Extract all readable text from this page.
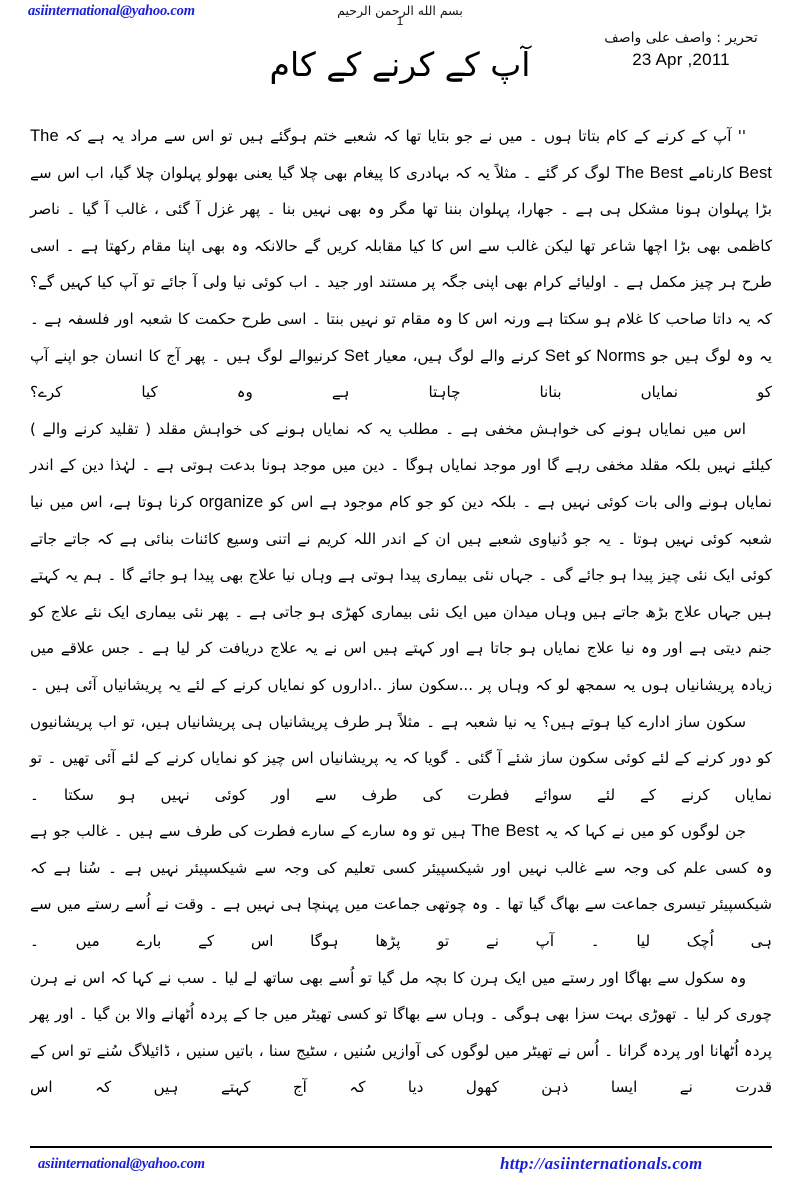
asiinternational@yahoo.com	بسم الله الرحمن الرحيم
1
تحریر : واصف علی واصف
23 Apr ,2011
آپ کے کرنے کے کام
'' آپ کے کرنے کے کام بتاتا ہوں ۔ میں نے جو بتایا تھا کہ شعبے ختم ہوگئے ہیں تو اس سے مراد یہ ہے کہ The Best کارنامے The Best لوگ کر گئے ۔ مثلاً یہ کہ بہادری کا پیغام بھی چلا گیا یعنی بھولو پہلوان چلا گیا، اب اس سے بڑا پہلوان ہونا مشکل ہی ہے ۔ جھارا، پہلوان بننا تھا مگر وہ بھی نہیں بنا ۔ پھر غزل آ گئی ، غالب آ گیا ۔ ناصر کاظمی بھی بڑا اچھا شاعر تھا لیکن غالب سے اس کا کیا مقابلہ کریں گے حالانکہ وہ بھی اپنا مقام رکھتا ہے ۔ اسی طرح ہر چیز مکمل ہے ۔ اولیائے کرام بھی اپنی جگہ پر مستند اور جید ۔ اب کوئی نیا ولی آ جائے تو آپ کیا کہیں گے؟ کہ یہ داتا صاحب کا غلام ہو سکتا ہے ورنہ اس کا وہ مقام تو نہیں بنتا ۔ اسی طرح حکمت کا شعبہ اور فلسفہ ہے ۔ یہ وہ لوگ ہیں جو Norms کو Set کرنے والے لوگ ہیں، معیار Set کرنیوالے لوگ ہیں ۔ پھر آج کا انسان جو اپنے آپ کو نمایاں بنانا چاہتا ہے وہ کیا کرے؟
اس میں نمایاں ہونے کی خواہش مخفی ہے ۔ مطلب یہ کہ نمایاں ہونے کی خواہش مقلد ( تقلید کرنے والے ) کیلئے نہیں بلکہ مقلد مخفی رہے گا اور موجد نمایاں ہوگا ۔ دین میں موجد ہونا بدعت ہوتی ہے ۔ لہٰذا دین کے اندر نمایاں ہونے والی بات کوئی نہیں ہے ۔ بلکہ دین کو جو کام موجود ہے اس کو organize کرنا ہوتا ہے، اس میں نیا شعبہ کوئی نہیں ہوتا ۔ یہ جو دُنیاوی شعبے ہیں ان کے اندر اللہ کریم نے اتنی وسیع کائنات بنائی ہے کہ جاتے جاتے کوئی ایک نئی چیز پیدا ہو جائے گی ۔ جہاں نئی بیماری پیدا ہوتی ہے وہاں نیا علاج بھی پیدا ہو جائے گا ۔ ہم یہ کہتے ہیں جہاں علاج بڑھ جاتے ہیں وہاں میدان میں ایک نئی بیماری کھڑی ہو جاتی ہے ۔ پھر نئی بیماری ایک نئے علاج کو جنم دیتی ہے اور وہ نیا علاج نمایاں ہو جاتا ہے اور کہتے ہیں اس نے یہ علاج دریافت کر لیا ہے ۔ جس علاقے میں زیادہ پریشانیاں ہوں یہ سمجھ لو کہ وہاں پر ...سکون ساز ..اداروں کو نمایاں کرنے کے لئے یہ پریشانیاں آئی ہیں ۔
سکون ساز ادارے کیا ہوتے ہیں؟ یہ نیا شعبہ ہے ۔ مثلاً ہر طرف پریشانیاں ہی پریشانیاں ہیں، تو اب پریشانیوں کو دور کرنے کے لئے کوئی سکون ساز شئے آ گئی ۔ گویا کہ یہ پریشانیاں اس چیز کو نمایاں کرنے کے لئے آئی تھیں ۔ تو نمایاں کرنے کے لئے سوائے فطرت کی طرف سے اور کوئی نہیں ہو سکتا ۔
جن لوگوں کو میں نے کہا کہ یہ The Best ہیں تو وہ سارے کے سارے فطرت کی طرف سے ہیں ۔ غالب جو ہے وہ کسی علم کی وجہ سے غالب نہیں اور شیکسپیئر کسی تعلیم کی وجہ سے شیکسپیئر نہیں ہے ۔ سُنا ہے کہ شیکسپیئر تیسری جماعت سے بھاگ گیا تھا ۔ وہ چوتھی جماعت میں پہنچا ہی نہیں ہے ۔ وقت نے اُسے رستے میں سے ہی اُچک لیا ۔ آپ نے تو پڑھا ہوگا اس کے بارے میں ۔
وہ سکول سے بھاگا اور رستے میں ایک ہرن کا بچہ مل گیا تو اُسے بھی ساتھ لے لیا ۔ سب نے کہا کہ اس نے ہرن چوری کر لیا ۔ تھوڑی بہت سزا بھی ہوگی ۔ وہاں سے بھاگا تو کسی تھیٹر میں جا کے پردہ اُٹھانے والا بن گیا ۔ اور پھر پردہ اُٹھانا اور پردہ گرانا ۔ اُس نے تھیٹر میں لوگوں کی آوازیں سُنیں ، سٹیج سنا ، باتیں سنیں ، ڈائیلاگ سُنے تو اس کے قدرت نے ایسا ذہن کھول دیا کہ آج کہتے ہیں کہ اس
asiinternational@yahoo.com	http://asiinternationals.com
